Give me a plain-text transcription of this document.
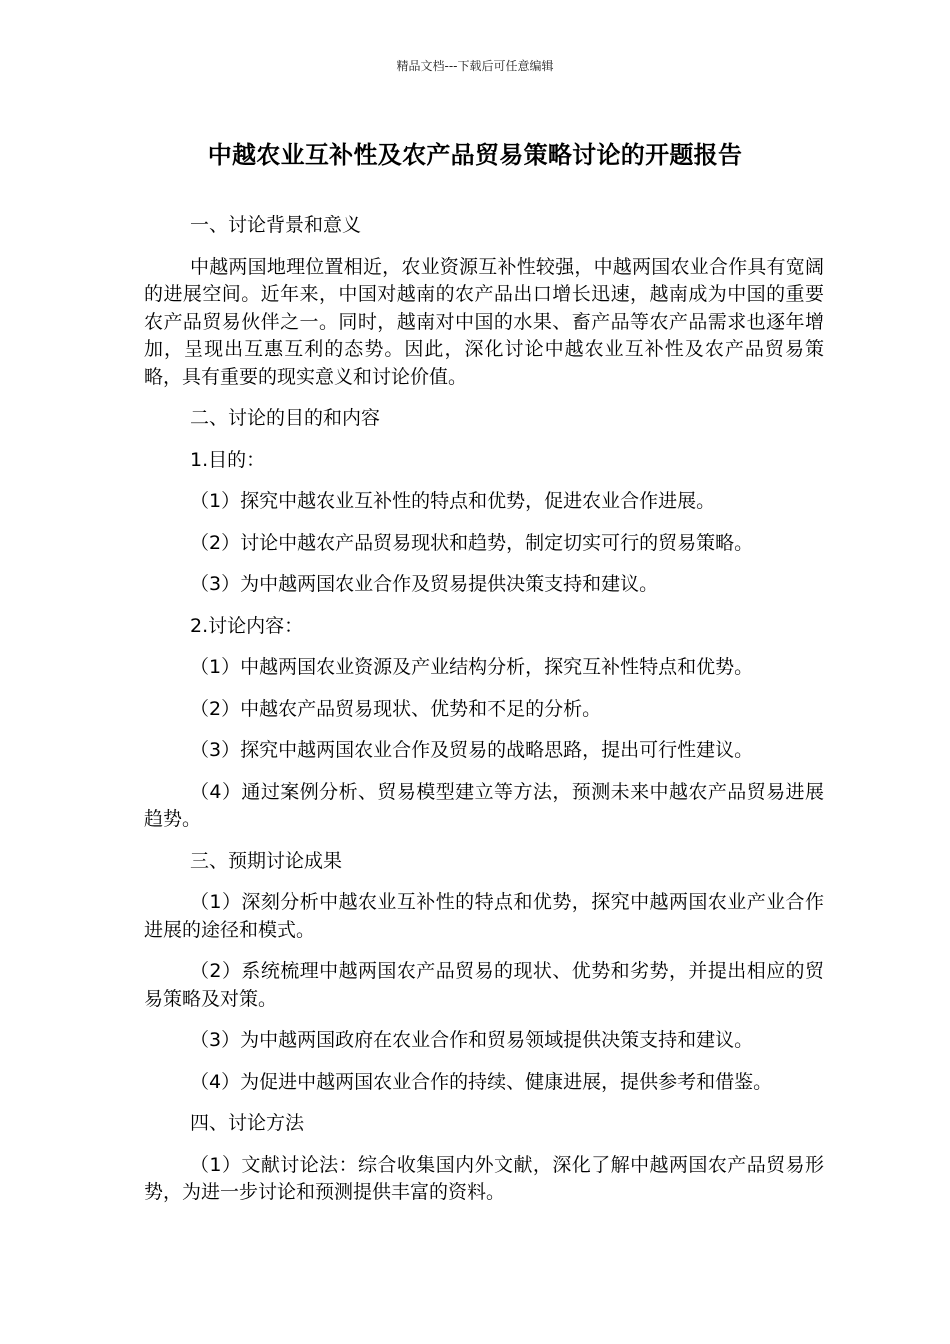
精品文档---下载后可任意编辑
中越农业互补性及农产品贸易策略讨论的开题报告

一、讨论背景和意义

中越两国地理位置相近，农业资源互补性较强，中越两国农业合作具有宽阔的进展空间。近年来，中国对越南的农产品出口增长迅速，越南成为中国的重要农产品贸易伙伴之一。同时，越南对中国的水果、畜产品等农产品需求也逐年增加，呈现出互惠互利的态势。因此，深化讨论中越农业互补性及农产品贸易策略，具有重要的现实意义和讨论价值。

二、讨论的目的和内容

1.目的：

（1）探究中越农业互补性的特点和优势，促进农业合作进展。

（2）讨论中越农产品贸易现状和趋势，制定切实可行的贸易策略。

（3）为中越两国农业合作及贸易提供决策支持和建议。

2.讨论内容：

（1）中越两国农业资源及产业结构分析，探究互补性特点和优势。

（2）中越农产品贸易现状、优势和不足的分析。

（3）探究中越两国农业合作及贸易的战略思路，提出可行性建议。

（4）通过案例分析、贸易模型建立等方法，预测未来中越农产品贸易进展趋势。

三、预期讨论成果

（1）深刻分析中越农业互补性的特点和优势，探究中越两国农业产业合作进展的途径和模式。

（2）系统梳理中越两国农产品贸易的现状、优势和劣势，并提出相应的贸易策略及对策。

（3）为中越两国政府在农业合作和贸易领域提供决策支持和建议。

（4）为促进中越两国农业合作的持续、健康进展，提供参考和借鉴。

四、讨论方法

（1）文献讨论法：综合收集国内外文献，深化了解中越两国农产品贸易形势，为进一步讨论和预测提供丰富的资料。
